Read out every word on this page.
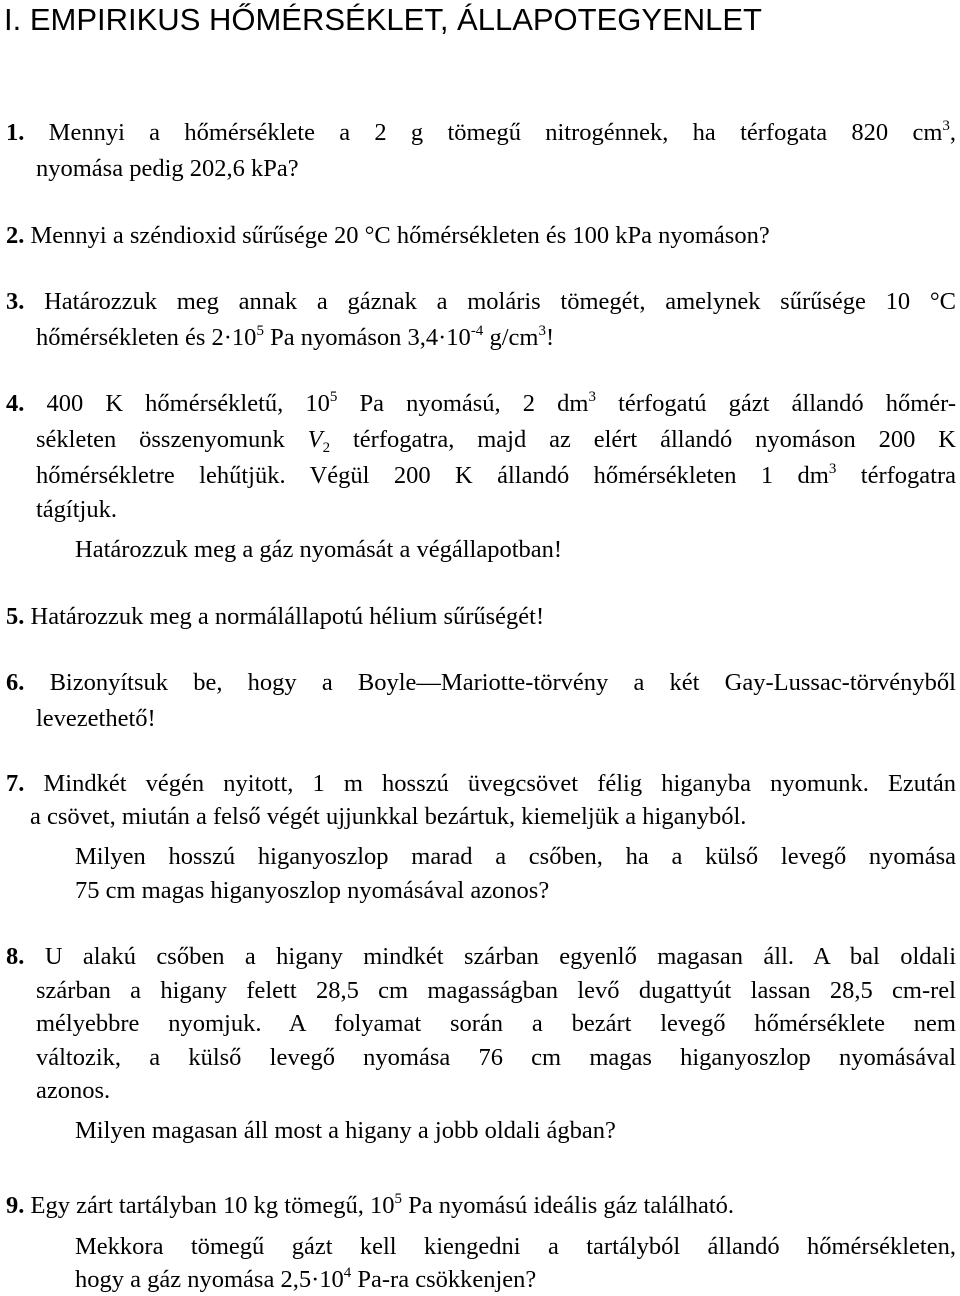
I. EMPIRIKUS HŐMÉRSÉKLET, ÁLLAPOTEGYENLET
1. Mennyi a hőmérséklete a 2 g tömegű nitrogénnek, ha térfogata 820 $cm^3$,
nyomása pedig 202,6 kPa?
2. Mennyi a széndioxid sűrűsége 20 °C hőmérsékleten és 100 kPa nyomáson?
3. Határozzuk meg annak a gáznak a moláris tömegét, amelynek sűrűsége 10 °C
hőmérsékleten és $2\cdot 10^5$ Pa nyomáson $3,4\cdot 10^{-4}$ $g/cm^3$!
4. 400 K hőmérsékletű, $10^5$ Pa nyomású, 2 $dm^3$ térfogatú gázt állandó hőmér-
sékleten összenyomunk $V_2$ térfogatra, majd az elért állandó nyomáson 200 K
hőmérsékletre lehűtjük. Végül 200 K állandó hőmérsékleten 1 $dm^3$ térfogatra
tágítjuk.
Határozzuk meg a gáz nyomását a végállapotban!
5. Határozzuk meg a normálállapotú hélium sűrűségét!
6. Bizonyítsuk be, hogy a Boyle—Mariotte-törvény a két Gay-Lussac-törvényből
levezethető!
7. Mindkét végén nyitott, 1 m hosszú üvegcsövet félig higanyba nyomunk. Ezután
a csövet, miután a felső végét ujjunkkal bezártuk, kiemeljük a higanyból.
Milyen hosszú higanyoszlop marad a csőben, ha a külső levegő nyomása
75 cm magas higanyoszlop nyomásával azonos?
8. U alakú csőben a higany mindkét szárban egyenlő magasan áll. A bal oldali
szárban a higany felett 28,5 cm magasságban levő dugattyút lassan 28,5 cm-rel
mélyebbre nyomjuk. A folyamat során a bezárt levegő hőmérséklete nem
változik, a külső levegő nyomása 76 cm magas higanyoszlop nyomásával
azonos.
Milyen magasan áll most a higany a jobb oldali ágban?
9. Egy zárt tartályban 10 kg tömegű, $10^5$ Pa nyomású ideális gáz található.
Mekkora tömegű gázt kell kiengedni a tartályból állandó hőmérsékleten,
hogy a gáz nyomása $2,5\cdot 10^4$ Pa-ra csökkenjen?
